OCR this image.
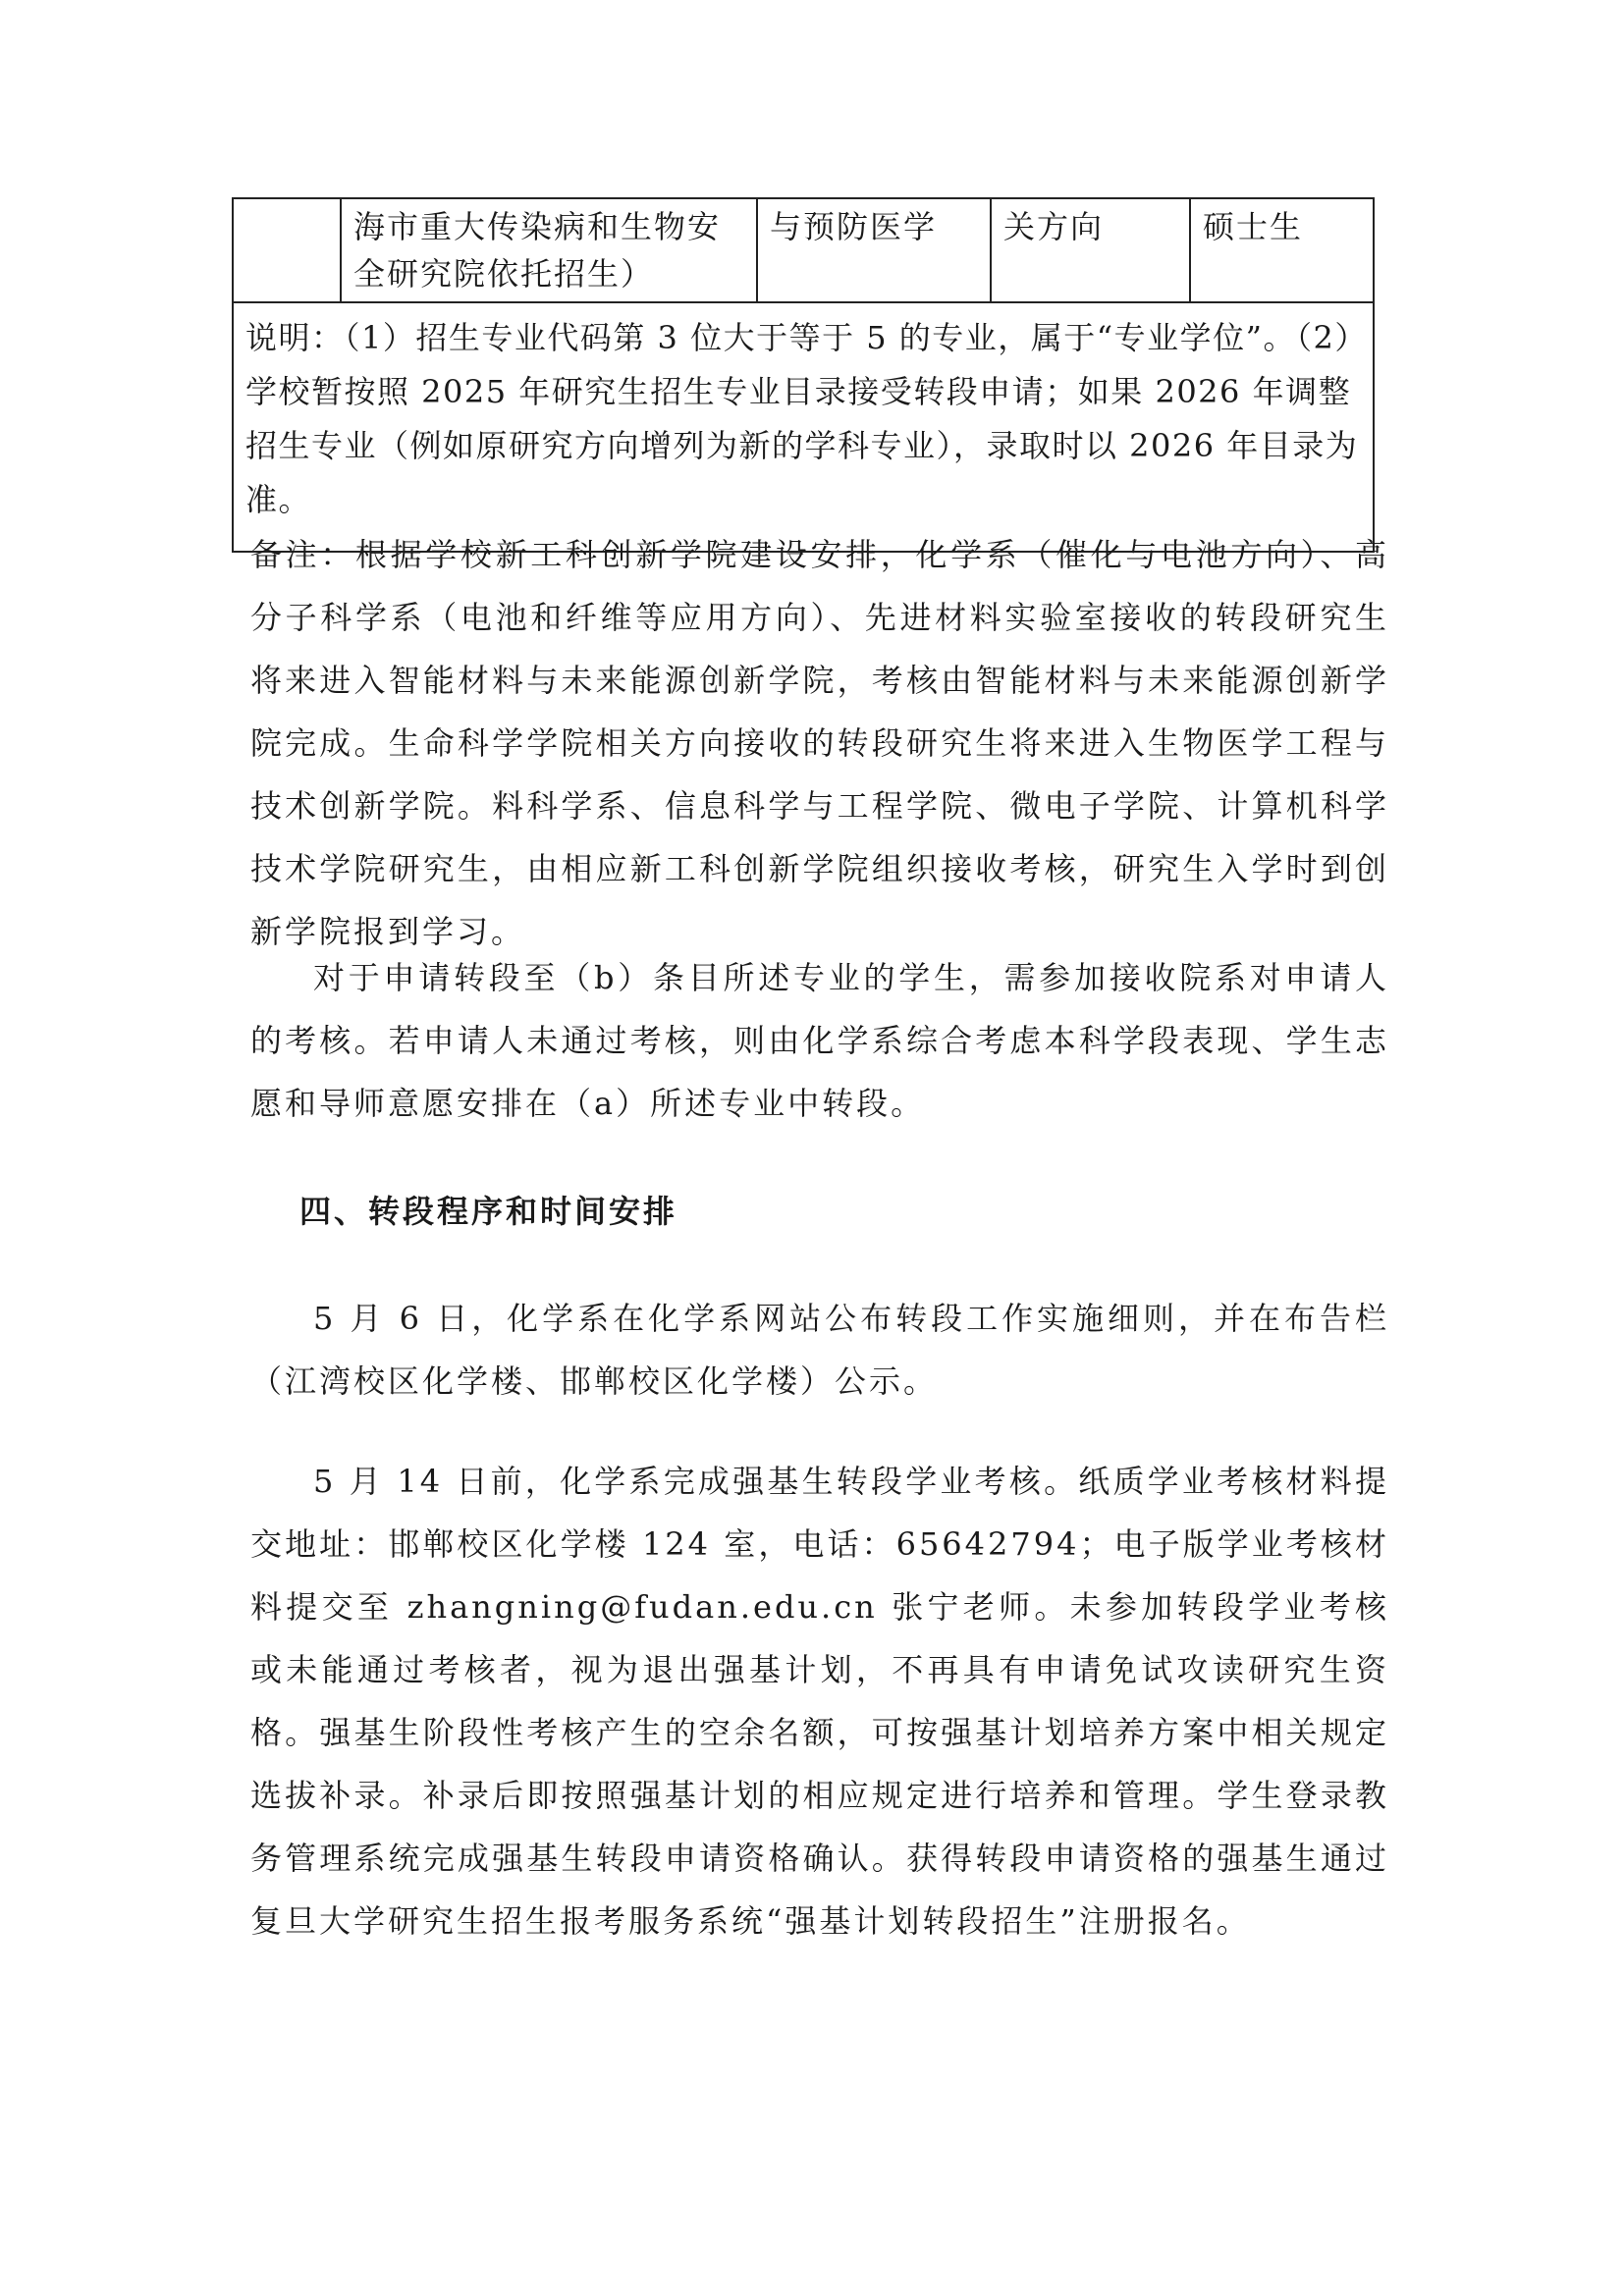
	海市重大传染病和生物安全研究院依托招生）	与预防医学	关方向	硕士生
说明：（1）招生专业代码第 3 位大于等于 5 的专业，属于“专业学位”。（2）学校暂按照 2025 年研究生招生专业目录接受转段申请；如果 2026 年调整招生专业（例如原研究方向增列为新的学科专业），录取时以 2026 年目录为准。

备注：根据学校新工科创新学院建设安排，化学系（催化与电池方向）、高分子科学系（电池和纤维等应用方向）、先进材料实验室接收的转段研究生将来进入智能材料与未来能源创新学院，考核由智能材料与未来能源创新学院完成。生命科学学院相关方向接收的转段研究生将来进入生物医学工程与技术创新学院。料科学系、信息科学与工程学院、微电子学院、计算机科学技术学院研究生，由相应新工科创新学院组织接收考核，研究生入学时到创新学院报到学习。

对于申请转段至（b）条目所述专业的学生，需参加接收院系对申请人的考核。若申请人未通过考核，则由化学系综合考虑本科学段表现、学生志愿和导师意愿安排在（a）所述专业中转段。

四、转段程序和时间安排

5 月 6 日，化学系在化学系网站公布转段工作实施细则，并在布告栏（江湾校区化学楼、邯郸校区化学楼）公示。

5 月 14 日前，化学系完成强基生转段学业考核。纸质学业考核材料提交地址：邯郸校区化学楼 124 室，电话：65642794；电子版学业考核材料提交至 zhangning@fudan.edu.cn 张宁老师。未参加转段学业考核或未能通过考核者，视为退出强基计划，不再具有申请免试攻读研究生资格。强基生阶段性考核产生的空余名额，可按强基计划培养方案中相关规定选拔补录。补录后即按照强基计划的相应规定进行培养和管理。学生登录教务管理系统完成强基生转段申请资格确认。获得转段申请资格的强基生通过复旦大学研究生招生报考服务系统“强基计划转段招生”注册报名。
